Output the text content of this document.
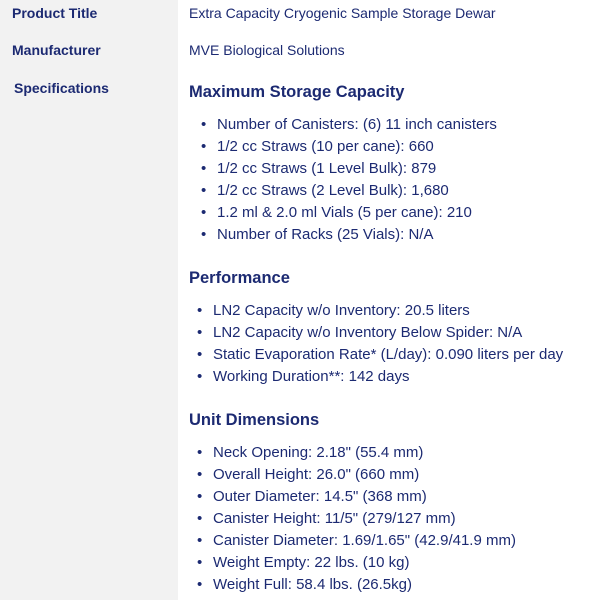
Product Title	Extra Capacity Cryogenic Sample Storage Dewar
Manufacturer	MVE Biological Solutions
Specifications	Maximum Storage Capacity
• Number of Canisters: (6) 11 inch canisters
• 1/2 cc Straws (10 per cane): 660
• 1/2 cc Straws (1 Level Bulk): 879
• 1/2 cc Straws (2 Level Bulk): 1,680
• 1.2 ml & 2.0 ml Vials (5 per cane): 210
• Number of Racks (25 Vials): N/A
Performance
• LN2 Capacity w/o Inventory: 20.5 liters
• LN2 Capacity w/o Inventory Below Spider: N/A
• Static Evaporation Rate* (L/day): 0.090 liters per day
• Working Duration**: 142 days
Unit Dimensions
• Neck Opening: 2.18" (55.4 mm)
• Overall Height: 26.0" (660 mm)
• Outer Diameter: 14.5" (368 mm)
• Canister Height: 11/5" (279/127 mm)
• Canister Diameter: 1.69/1.65" (42.9/41.9 mm)
• Weight Empty: 22 lbs. (10 kg)
• Weight Full: 58.4 lbs. (26.5kg)
